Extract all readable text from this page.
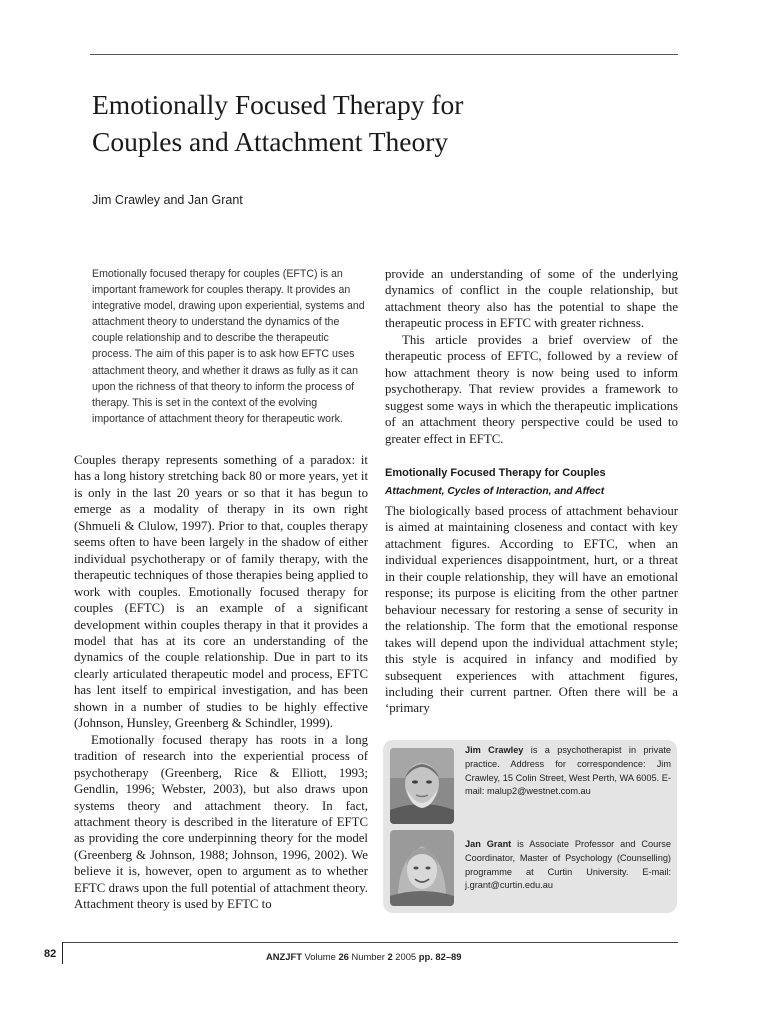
Emotionally Focused Therapy for
Couples and Attachment Theory

Jim Crawley and Jan Grant

Emotionally focused therapy for couples (EFTC) is an important framework for couples therapy. It provides an integrative model, drawing upon experiential, systems and attachment theory to understand the dynamics of the couple relationship and to describe the therapeutic process. The aim of this paper is to ask how EFTC uses attachment theory, and whether it draws as fully as it can upon the richness of that theory to inform the process of therapy. This is set in the context of the evolving importance of attachment theory for therapeutic work.

Couples therapy represents something of a paradox: it has a long history stretching back 80 or more years, yet it is only in the last 20 years or so that it has begun to emerge as a modality of therapy in its own right (Shmueli & Clulow, 1997). Prior to that, couples therapy seems often to have been largely in the shadow of either individual psychotherapy or of family therapy, with the therapeutic techniques of those therapies being applied to work with couples. Emotionally focused therapy for couples (EFTC) is an example of a significant development within couples therapy in that it provides a model that has at its core an understanding of the dynamics of the couple relationship. Due in part to its clearly articulated therapeutic model and process, EFTC has lent itself to empirical investigation, and has been shown in a number of studies to be highly effective (Johnson, Hunsley, Greenberg & Schindler, 1999).

Emotionally focused therapy has roots in a long tradition of research into the experiential process of psychotherapy (Greenberg, Rice & Elliott, 1993; Gendlin, 1996; Webster, 2003), but also draws upon systems theory and attachment theory. In fact, attachment theory is described in the literature of EFTC as providing the core underpinning theory for the model (Greenberg & Johnson, 1988; Johnson, 1996, 2002). We believe it is, however, open to argument as to whether EFTC draws upon the full potential of attachment theory. Attachment theory is used by EFTC to

provide an understanding of some of the underlying dynamics of conflict in the couple relationship, but attachment theory also has the potential to shape the therapeutic process in EFTC with greater richness.

This article provides a brief overview of the therapeutic process of EFTC, followed by a review of how attachment theory is now being used to inform psychotherapy. That review provides a framework to suggest some ways in which the therapeutic implications of an attachment theory perspective could be used to greater effect in EFTC.

Emotionally Focused Therapy for Couples
Attachment, Cycles of Interaction, and Affect

The biologically based process of attachment behaviour is aimed at maintaining closeness and contact with key attachment figures. According to EFTC, when an individual experiences disappointment, hurt, or a threat in their couple relationship, they will have an emotional response; its purpose is eliciting from the other partner behaviour necessary for restoring a sense of security in the relationship. The form that the emotional response takes will depend upon the individual attachment style; this style is acquired in infancy and modified by subsequent experiences with attachment figures, including their current partner. Often there will be a ‘primary

Jim Crawley is a psychotherapist in private practice. Address for correspondence: Jim Crawley, 15 Colin Street, West Perth, WA 6005. E-mail: malup2@westnet.com.au

Jan Grant is Associate Professor and Course Coordinator, Master of Psychology (Counselling) programme at Curtin University. E-mail: j.grant@curtin.edu.au

82	ANZJFT Volume 26 Number 2 2005 pp. 82–89
